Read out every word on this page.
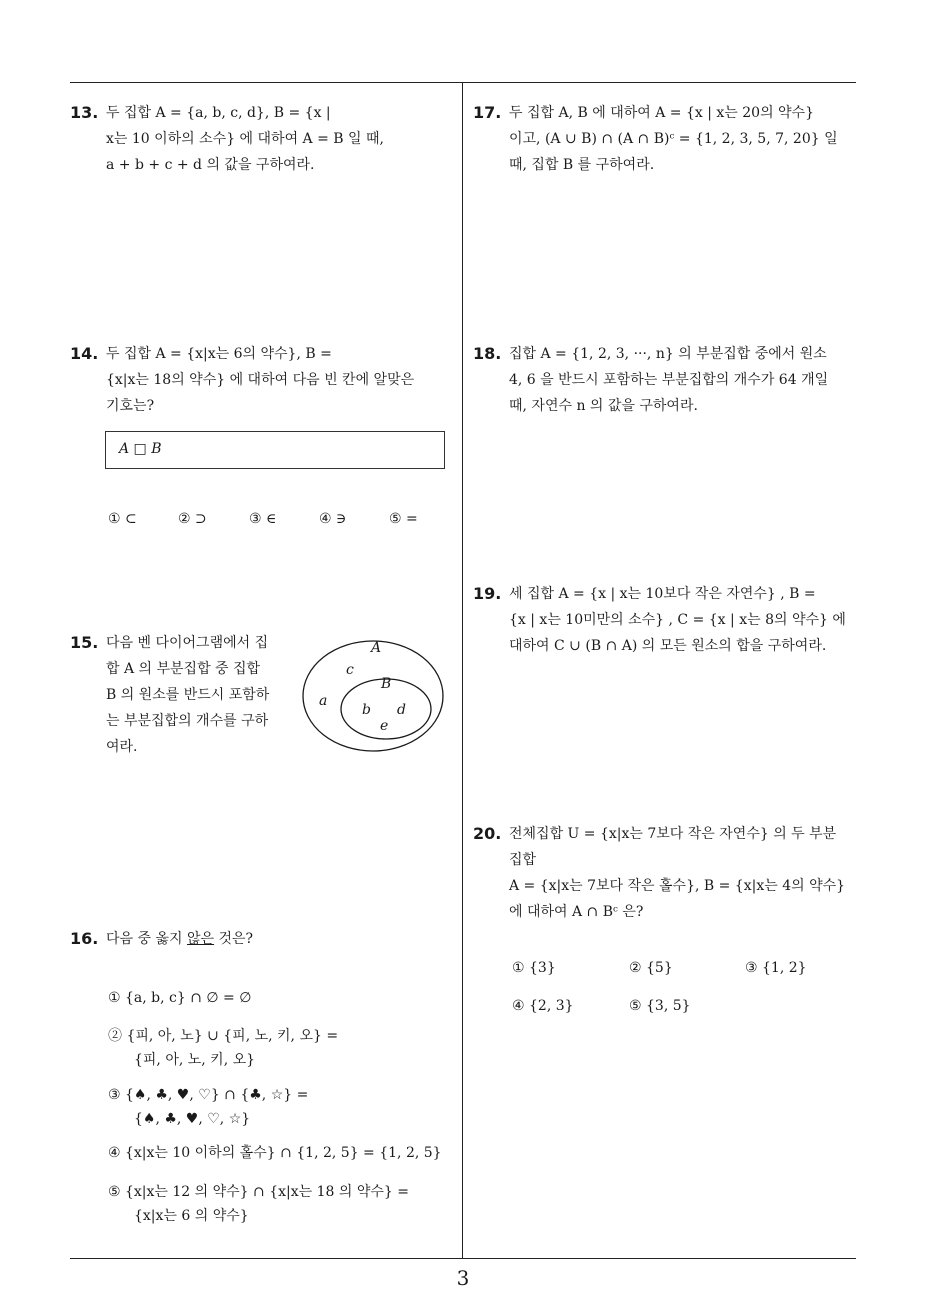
13. 두 집합 A = {a, b, c, d}, B = {x |

x는 10 이하의 소수} 에 대하여 A = B 일 때,

a + b + c + d 의 값을 구하여라.

14. 두 집합 A = {x|x는 6의 약수}, B =

{x|x는 18의 약수} 에 대하여 다음 빈 칸에 알맞은

기호는?

A □ B
① ⊂	② ⊃	③ ∈	④ ∋	⑤ =
15. 다음 벤 다이어그램에서 집

합 A 의 부분집합 중 집합

B 의 원소를 반드시 포함하

는 부분집합의 개수를 구하

여라.

A
B
c
a
b d
e
16. 다음 중 옳지 않은 것은?

① {a, b, c} ∩ ∅ = ∅
② {피, 아, 노} ∪ {피, 노, 키, 오} =
{피, 아, 노, 키, 오}
③ {♠, ♣, ♥, ♡} ∩ {♣, ☆} =
{♠, ♣, ♥, ♡, ☆}
④ {x|x는 10 이하의 홀수} ∩ {1, 2, 5} = {1, 2, 5}
⑤ {x|x는 12 의 약수} ∩ {x|x는 18 의 약수} =
{x|x는 6 의 약수}
17. 두 집합 A, B 에 대하여 A = {x | x는 20의 약수}

이고, (A ∪ B) ∩ (A ∩ B)ᶜ = {1, 2, 3, 5, 7, 20} 일

때, 집합 B 를 구하여라.

18. 집합 A = {1, 2, 3, ···, n} 의 부분집합 중에서 원소

4, 6 을 반드시 포함하는 부분집합의 개수가 64 개일

때, 자연수 n 의 값을 구하여라.

19. 세 집합 A = {x | x는 10보다 작은 자연수} , B =

{x | x는 10미만의 소수} , C = {x | x는 8의 약수} 에

대하여 C ∪ (B ∩ A) 의 모든 원소의 합을 구하여라.

20. 전체집합 U = {x|x는 7보다 작은 자연수} 의 두 부분

집합

A = {x|x는 7보다 작은 홀수}, B = {x|x는 4의 약수}

에 대하여 A ∩ Bᶜ 은?

① {3}	② {5}	③ {1, 2}
④ {2, 3}	⑤ {3, 5}
3
